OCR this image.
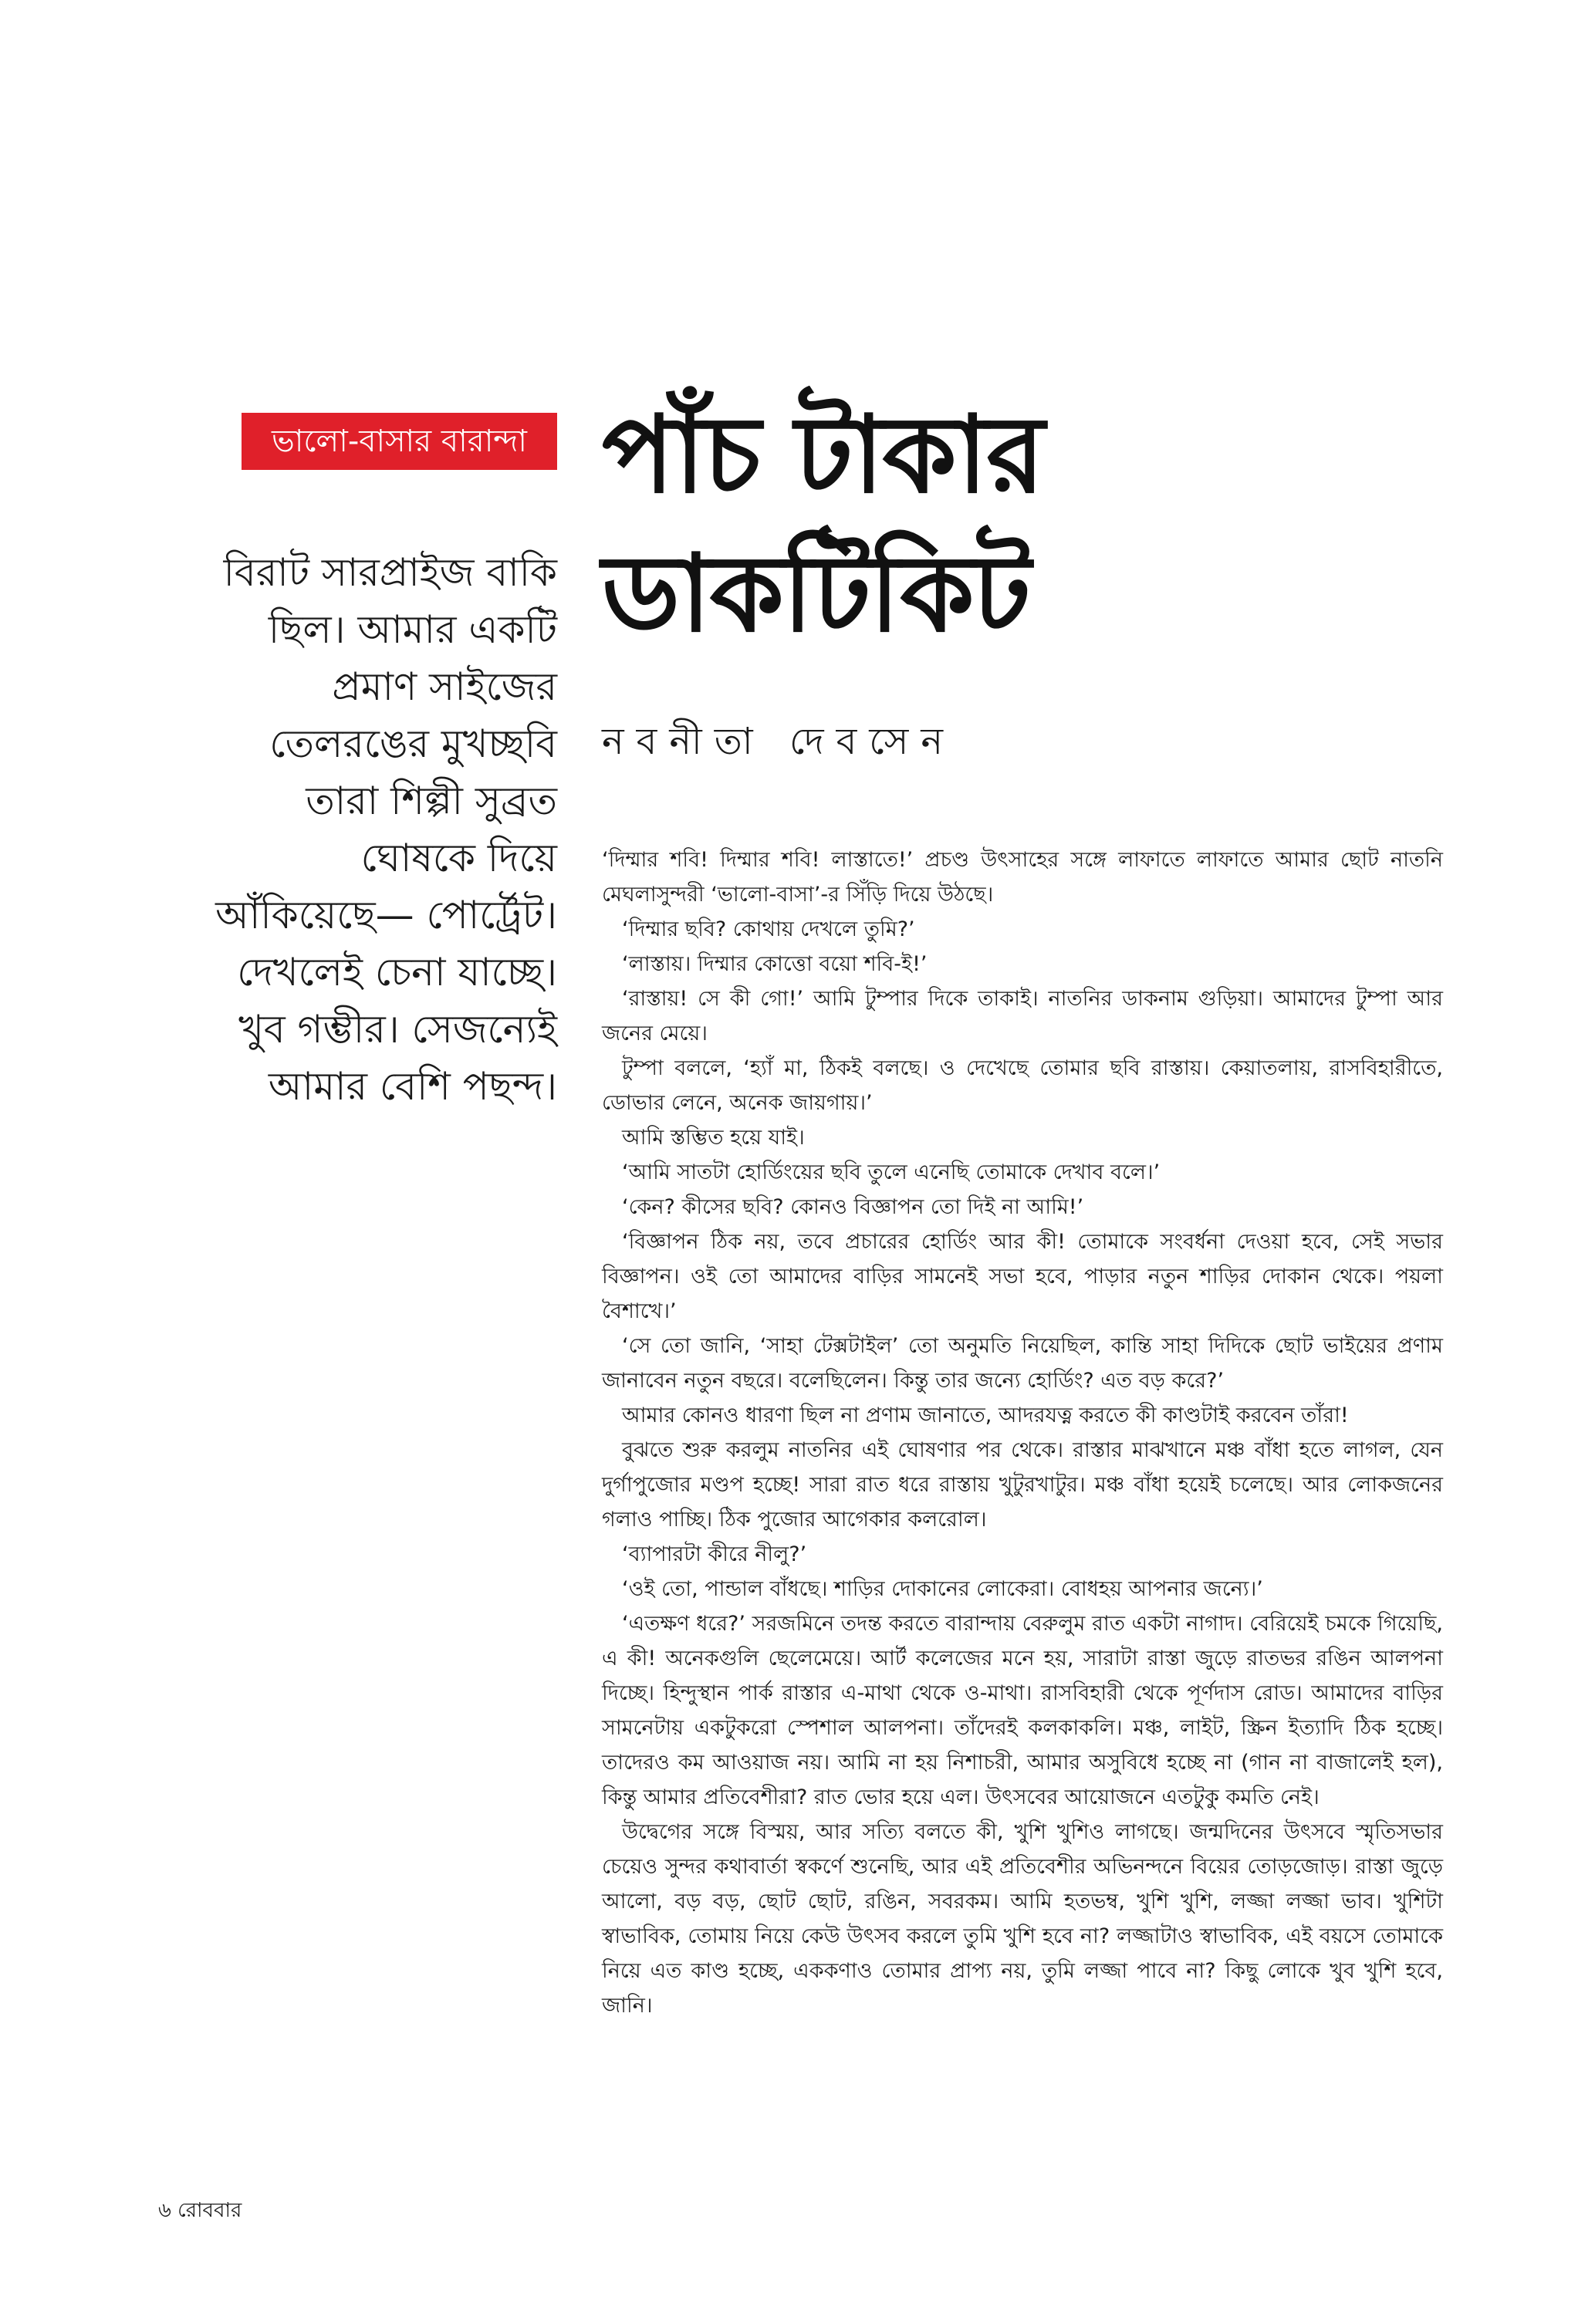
ভালো-বাসার বারান্দা পাঁচ টাকার
ডাকটিকিট
নবনীতা দেবসেন
বিরাট সারপ্রাইজ বাকি
ছিল। আমার একটি
প্রমাণ সাইজের
তেলরঙের মুখচ্ছবি
তারা শিল্পী সুব্রত
ঘোষকে দিয়ে
আঁকিয়েছে— পোর্ট্রেট।
দেখলেই চেনা যাচ্ছে।
খুব গম্ভীর। সেজন্যেই
আমার বেশি পছন্দ।

‘দিম্মার শবি! দিম্মার শবি! লাস্তাতে!’ প্রচণ্ড উৎসাহের সঙ্গে লাফাতে লাফাতে আমার ছোট নাতনি মেঘলাসুন্দরী ‘ভালো-বাসা’-র সিঁড়ি দিয়ে উঠছে।

‘দিম্মার ছবি? কোথায় দেখলে তুমি?’

‘লাস্তায়। দিম্মার কোত্তো বয়ো শবি-ই!’

‘রাস্তায়! সে কী গো!’ আমি টুম্পার দিকে তাকাই। নাতনির ডাকনাম গুড়িয়া। আমাদের টুম্পা আর জনের মেয়ে।

টুম্পা বললে, ‘হ্যাঁ মা, ঠিকই বলছে। ও দেখেছে তোমার ছবি রাস্তায়। কেয়াতলায়, রাসবিহারীতে, ডোভার লেনে, অনেক জায়গায়।’

আমি স্তম্ভিত হয়ে যাই।

‘আমি সাতটা হোর্ডিংয়ের ছবি তুলে এনেছি তোমাকে দেখাব বলে।’

‘কেন? কীসের ছবি? কোনও বিজ্ঞাপন তো দিই না আমি!’

‘বিজ্ঞাপন ঠিক নয়, তবে প্রচারের হোর্ডিং আর কী! তোমাকে সংবর্ধনা দেওয়া হবে, সেই সভার বিজ্ঞাপন। ওই তো আমাদের বাড়ির সামনেই সভা হবে, পাড়ার নতুন শাড়ির দোকান থেকে। পয়লা বৈশাখে।’

‘সে তো জানি, ‘সাহা টেক্সটাইল’ তো অনুমতি নিয়েছিল, কান্তি সাহা দিদিকে ছোট ভাইয়ের প্রণাম জানাবেন নতুন বছরে। বলেছিলেন। কিন্তু তার জন্যে হোর্ডিং? এত বড় করে?’

আমার কোনও ধারণা ছিল না প্রণাম জানাতে, আদরযত্ন করতে কী কাণ্ডটাই করবেন তাঁরা!

বুঝতে শুরু করলুম নাতনির এই ঘোষণার পর থেকে। রাস্তার মাঝখানে মঞ্চ বাঁধা হতে লাগল, যেন দুর্গাপুজোর মণ্ডপ হচ্ছে! সারা রাত ধরে রাস্তায় খুটুরখাটুর। মঞ্চ বাঁধা হয়েই চলেছে। আর লোকজনের গলাও পাচ্ছি। ঠিক পুজোর আগেকার কলরোল।

‘ব্যাপারটা কীরে নীলু?’

‘ওই তো, পান্ডাল বাঁধছে। শাড়ির দোকানের লোকেরা। বোধহয় আপনার জন্যে।’

‘এতক্ষণ ধরে?’ সরজমিনে তদন্ত করতে বারান্দায় বেরুলুম রাত একটা নাগাদ। বেরিয়েই চমকে গিয়েছি, এ কী! অনেকগুলি ছেলেমেয়ে। আর্ট কলেজের মনে হয়, সারাটা রাস্তা জুড়ে রাতভর রঙিন আলপনা দিচ্ছে। হিন্দুস্থান পার্ক রাস্তার এ-মাথা থেকে ও-মাথা। রাসবিহারী থেকে পূর্ণদাস রোড। আমাদের বাড়ির সামনেটায় একটুকরো স্পেশাল আলপনা। তাঁদেরই কলকাকলি। মঞ্চ, লাইট, স্ক্রিন ইত্যাদি ঠিক হচ্ছে। তাদেরও কম আওয়াজ নয়। আমি না হয় নিশাচরী, আমার অসুবিধে হচ্ছে না (গান না বাজালেই হল), কিন্তু আমার প্রতিবেশীরা? রাত ভোর হয়ে এল। উৎসবের আয়োজনে এতটুকু কমতি নেই।

উদ্বেগের সঙ্গে বিস্ময়, আর সত্যি বলতে কী, খুশি খুশিও লাগছে। জন্মদিনের উৎসবে স্মৃতিসভার চেয়েও সুন্দর কথাবার্তা স্বকর্ণে শুনেছি, আর এই প্রতিবেশীর অভিনন্দনে বিয়ের তোড়জোড়। রাস্তা জুড়ে আলো, বড় বড়, ছোট ছোট, রঙিন, সবরকম। আমি হতভম্ব, খুশি খুশি, লজ্জা লজ্জা ভাব। খুশিটা স্বাভাবিক, তোমায় নিয়ে কেউ উৎসব করলে তুমি খুশি হবে না? লজ্জাটাও স্বাভাবিক, এই বয়সে তোমাকে নিয়ে এত কাণ্ড হচ্ছে, এককণাও তোমার প্রাপ্য নয়, তুমি লজ্জা পাবে না? কিছু লোকে খুব খুশি হবে, জানি।

৬ রোববার
